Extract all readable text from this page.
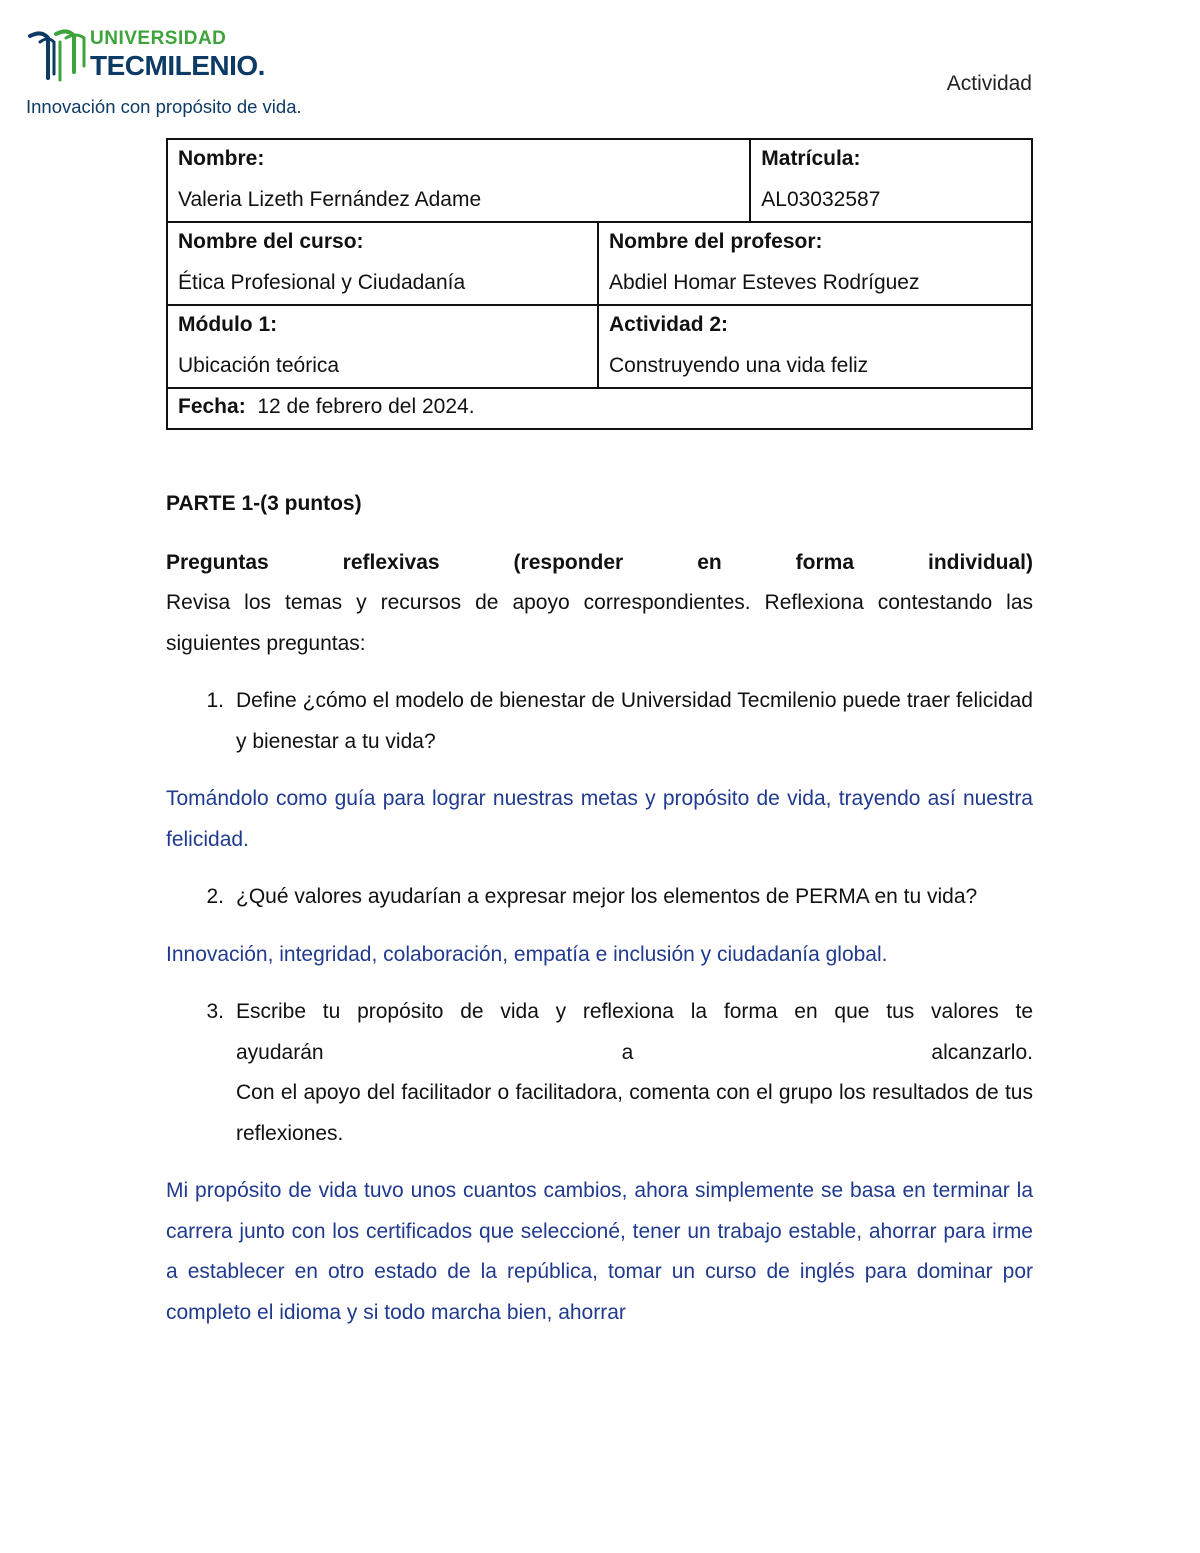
UNIVERSIDAD
TECMILENIO.
Innovación con propósito de vida.
Actividad
Nombre:
Valeria Lizeth Fernández Adame
Matrícula:
AL03032587
Nombre del curso:
Ética Profesional y Ciudadanía
Nombre del profesor:
Abdiel Homar Esteves Rodríguez
Módulo 1:
Ubicación teórica
Actividad 2:
Construyendo una vida feliz
Fecha: 12 de febrero del 2024.

PARTE 1-(3 puntos)

Preguntas reflexivas (responder en forma individual)

Revisa los temas y recursos de apoyo correspondientes. Reflexiona contestando las siguientes preguntas:

1. Define ¿cómo el modelo de bienestar de Universidad Tecmilenio puede traer felicidad y bienestar a tu vida?

Tomándolo como guía para lograr nuestras metas y propósito de vida, trayendo así nuestra felicidad.

2. ¿Qué valores ayudarían a expresar mejor los elementos de PERMA en tu vida?

Innovación, integridad, colaboración, empatía e inclusión y ciudadanía global.

3. Escribe tu propósito de vida y reflexiona la forma en que tus valores te
ayudarán	a	alcanzarlo.
Con el apoyo del facilitador o facilitadora, comenta con el grupo los resultados de tus reflexiones.

Mi propósito de vida tuvo unos cuantos cambios, ahora simplemente se basa en terminar la carrera junto con los certificados que seleccioné, tener un trabajo estable, ahorrar para irme a establecer en otro estado de la república, tomar un curso de inglés para dominar por completo el idioma y si todo marcha bien, ahorrar
